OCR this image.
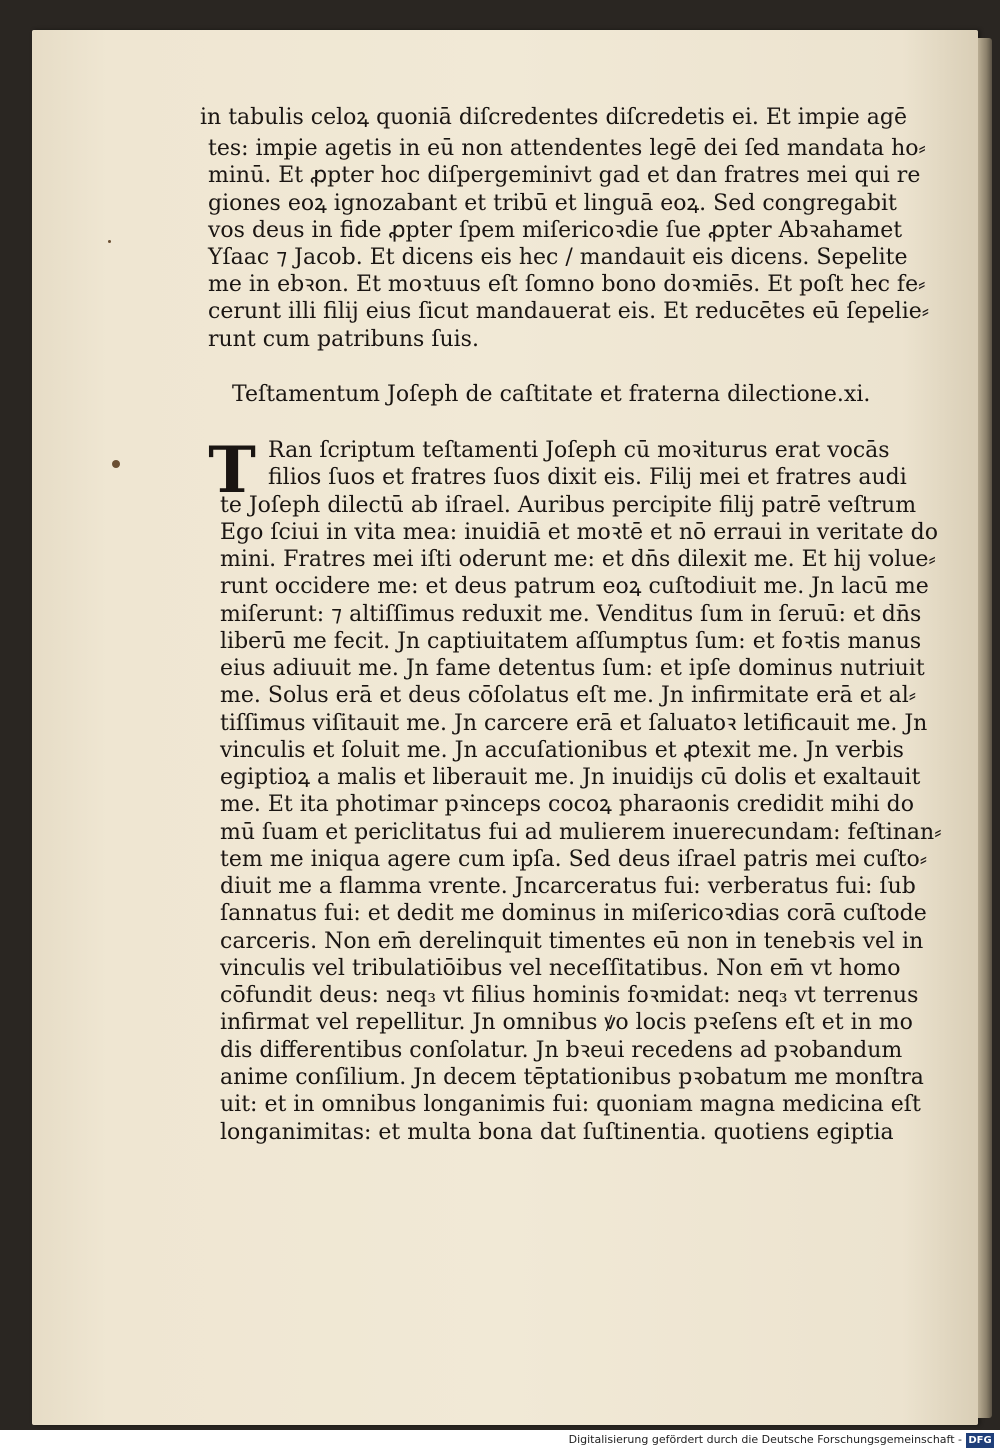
in tabulis celoꝝ quoniā diſcredentes diſcredetis ei. Et impie agē
tes: impie agetis in eū non attendentes legē dei ſed mandata ho⸗
minū. Et ꝓpter hoc diſpergeminivt gad et dan fratres mei qui re
giones eoꝝ ignozabant et tribū et linguā eoꝝ. Sed congregabit
vos deus in fide ꝓpter ſpem miſericoꝛdie ſue ꝓpter Abꝛahamet
Yſaac ⁊ Jacob. Et dicens eis hec / mandauit eis dicens. Sepelite
me in ebꝛon. Et moꝛtuus eſt ſomno bono doꝛmiēs. Et poſt hec fe⸗
cerunt illi filij eius ſicut mandauerat eis. Et reducētes eū ſepelie⸗
runt cum patribuns ſuis.
Teſtamentum Joſeph de caſtitate et fraterna dilectione.xi.
T Ran ſcriptum teſtamenti Joſeph cū moꝛiturus erat vocās
filios ſuos et fratres ſuos dixit eis. Filij mei et fratres audi
te Joſeph dilectū ab iſrael. Auribus percipite filij patrē veſtrum
Ego ſciui in vita mea: inuidiā et moꝛtē et nō erraui in veritate do
mini. Fratres mei iſti oderunt me: et dn̄s dilexit me. Et hij volue⸗
runt occidere me: et deus patrum eoꝝ cuſtodiuit me. Jn lacū me
miſerunt: ⁊ altiſſimus reduxit me. Venditus ſum in ſeruū: et dn̄s
liberū me fecit. Jn captiuitatem aſſumptus ſum: et foꝛtis manus
eius adiuuit me. Jn fame detentus ſum: et ipſe dominus nutriuit
me. Solus erā et deus cōſolatus eſt me. Jn infirmitate erā et al⸗
tiſſimus viſitauit me. Jn carcere erā et ſaluatoꝛ letificauit me. Jn
vinculis et ſoluit me. Jn accuſationibus et ꝓtexit me. Jn verbis
egiptioꝝ a malis et liberauit me. Jn inuidijs cū dolis et exaltauit
me. Et ita photimar pꝛinceps cocoꝝ pharaonis credidit mihi do
mū ſuam et periclitatus fui ad mulierem inuerecundam: feſtinan⸗
tem me iniqua agere cum ipſa. Sed deus iſrael patris mei cuſto⸗
diuit me a flamma vrente. Jncarceratus fui: verberatus fui: ſub
ſannatus fui: et dedit me dominus in miſericoꝛdias corā cuſtode
carceris. Non em̄ derelinquit timentes eū non in tenebꝛis vel in
vinculis vel tribulatiōibus vel neceſſitatibus. Non em̄ vt homo
cōfundit deus: neq₃ vt filius hominis foꝛmidat: neq₃ vt terrenus
infirmat vel repellitur. Jn omnibus ꝟo locis pꝛeſens eſt et in mo
dis differentibus conſolatur. Jn bꝛeui recedens ad pꝛobandum
anime conſilium. Jn decem tēptationibus pꝛobatum me monſtra
uit: et in omnibus longanimis fui: quoniam magna medicina eſt
longanimitas: et multa bona dat ſuſtinentia. quotiens egiptia
Digitalisierung gefördert durch die Deutsche Forschungsgemeinschaft - DFG
